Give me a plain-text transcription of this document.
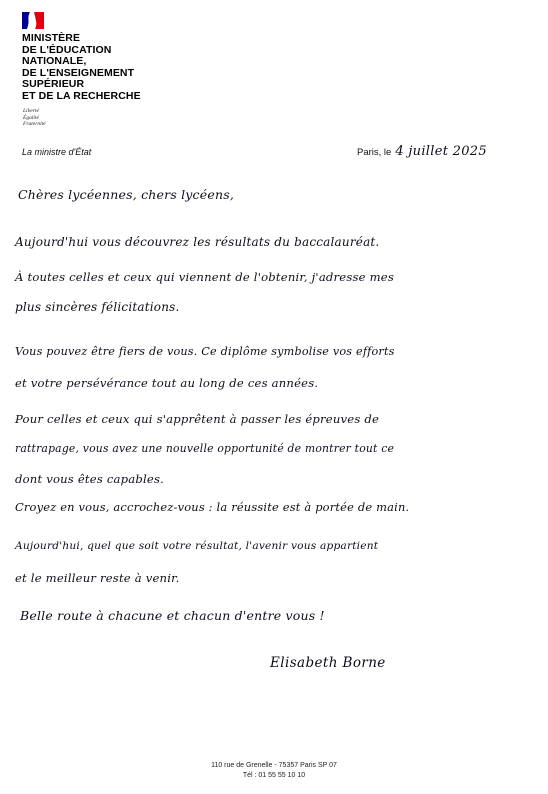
MINISTÈRE
DE L'ÉDUCATION
NATIONALE,
DE L'ENSEIGNEMENT
SUPÉRIEUR
ET DE LA RECHERCHE
Liberté
Égalité
Fraternité
La ministre d'État	Paris, le 4 juillet 2025
Chères lycéennes, chers lycéens,
Aujourd'hui vous découvrez les résultats du baccalauréat.
À toutes celles et ceux qui viennent de l'obtenir, j'adresse mes
plus sincères félicitations.
Vous pouvez être fiers de vous. Ce diplôme symbolise vos efforts
et votre persévérance tout au long de ces années.
Pour celles et ceux qui s'apprêtent à passer les épreuves de
rattrapage, vous avez une nouvelle opportunité de montrer tout ce
dont vous êtes capables.
Croyez en vous, accrochez-vous : la réussite est à portée de main.
Aujourd'hui, quel que soit votre résultat, l'avenir vous appartient
et le meilleur reste à venir.
Belle route à chacune et chacun d'entre vous !
Elisabeth Borne
110 rue de Grenelle - 75357 Paris SP 07
Tél : 01 55 55 10 10
